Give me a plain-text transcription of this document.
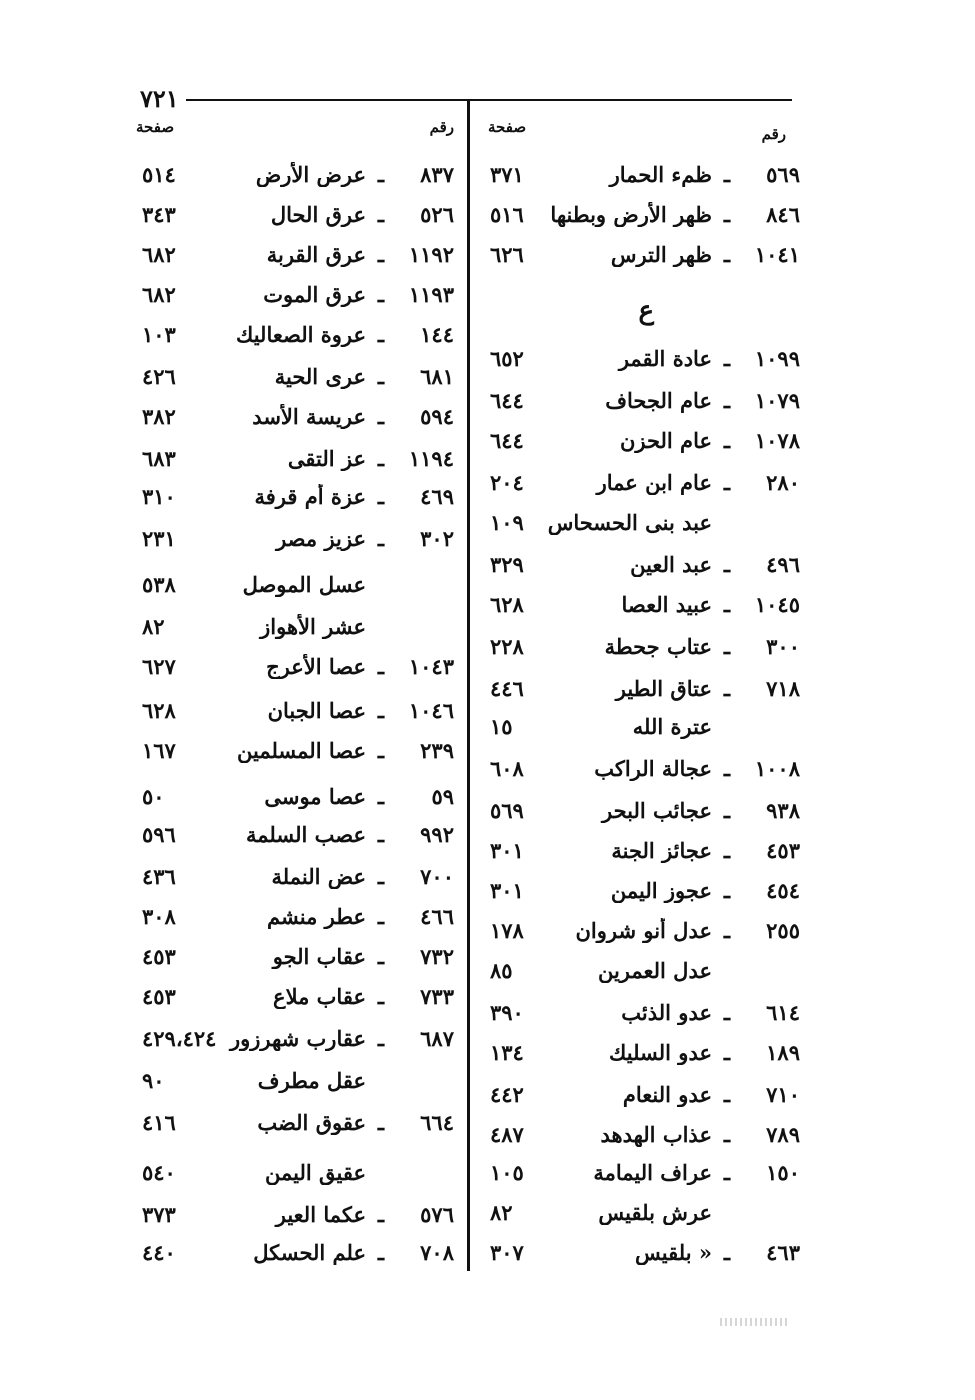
٧٢١
رقم
صفحة
ع
٥٦٩
ـ
ظمء الحمار
٣٧١
٨٤٦
ـ
ظهر الأرض وبطنها
٥١٦
١٠٤١
ـ
ظهر الترس
٦٢٦
١٠٩٩
ـ
عادة القمر
٦٥٢
١٠٧٩
ـ
عام الجحاف
٦٤٤
١٠٧٨
ـ
عام الحزن
٦٤٤
٢٨٠
ـ
عام ابن عمار
٢٠٤
عبد بنى الحسحاس
١٠٩
٤٩٦
ـ
عبد العين
٣٢٩
١٠٤٥
ـ
عبيد العصا
٦٢٨
٣٠٠
ـ
عتاب جحطة
٢٢٨
٧١٨
ـ
عتاق الطير
٤٤٦
عترة الله
١٥
١٠٠٨
ـ
عجالة الراكب
٦٠٨
٩٣٨
ـ
عجائب البحر
٥٦٩
٤٥٣
ـ
عجائز الجنة
٣٠١
٤٥٤
ـ
عجوز اليمن
٣٠١
٢٥٥
ـ
عدل أنو شروان
١٧٨
عدل العمرين
٨٥
٦١٤
ـ
عدو الذئب
٣٩٠
١٨٩
ـ
عدو السليك
١٣٤
٧١٠
ـ
عدو النعام
٤٤٢
٧٨٩
ـ
عذاب الهدهد
٤٨٧
١٥٠
ـ
عراف اليمامة
١٠٥
عرش بلقيس
٨٢
٤٦٣
ـ
« بلقيس
٣٠٧
رقم
صفحة
٨٣٧
ـ
عرض الأرض
٥١٤
٥٢٦
ـ
عرق الحال
٣٤٣
١١٩٢
ـ
عرق القربة
٦٨٢
١١٩٣
ـ
عرق الموت
٦٨٢
١٤٤
ـ
عروة الصعاليك
١٠٣
٦٨١
ـ
عرى الحية
٤٢٦
٥٩٤
ـ
عريسة الأسد
٣٨٢
١١٩٤
ـ
عز التقى
٦٨٣
٤٦٩
ـ
عزة أم قرفة
٣١٠
٣٠٢
ـ
عزيز مصر
٢٣١
عسل الموصل
٥٣٨
عشر الأهواز
٨٢
١٠٤٣
ـ
عصا الأعرج
٦٢٧
١٠٤٦
ـ
عصا الجبان
٦٢٨
٢٣٩
ـ
عصا المسلمين
١٦٧
٥٩
ـ
عصا موسى
٥٠
٩٩٢
ـ
عصب السلمة
٥٩٦
٧٠٠
ـ
عض النملة
٤٣٦
٤٦٦
ـ
عطر منشم
٣٠٨
٧٣٢
ـ
عقاب الجو
٤٥٣
٧٣٣
ـ
عقاب ملاع
٤٥٣
٦٨٧
ـ
عقارب شهرزور
٤٢٩،٤٢٤
عقل مطرف
٩٠
٦٦٤
ـ
عقوق الضب
٤١٦
عقيق اليمن
٥٤٠
٥٧٦
ـ
عكما العير
٣٧٣
٧٠٨
ـ
علم الحسكل
٤٤٠
